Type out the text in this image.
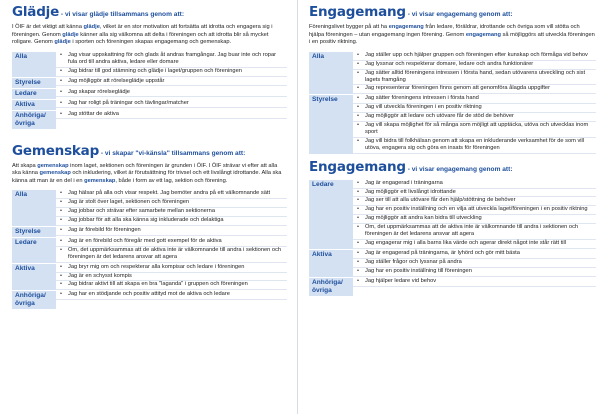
Glädje - vi visar glädje tillsammans genom att:

I ÖIF är det viktigt att känna glädje, vilket är en stor motivation att fortsätta att idrotta och engagera sig i föreningen. Genom glädje känner alla sig välkomna att delta i föreningen och att idrotta blir så mycket roligare. Genom glädje i sporten och föreningen skapas engagemang och gemenskap.

Alla	• Jag visar uppskattning för och glads åt andras framgångar. Jag buar inte och ropar fula ord till andra aktiva, ledare eller domare
• Jag bidrar till god stämning och glädje i laget/gruppen och föreningen
Styrelse	• Jag möjliggör att rörelseglädje uppstår
Ledare	• Jag skapar rörelseglädje
Aktiva	• Jag har roligt på träningar och tävlingar/matcher
Anhöriga/ övriga
• Jag stöttar de aktiva
Gemenskap - vi skapar "vi-känsla" tillsammans genom att:

Att skapa gemenskap inom laget, sektionen och föreningen är grunden i ÖIF. I ÖIF strävar vi efter att alla ska känna gemenskap och inkludering, vilket är förutsättning för trivsel och ett livslångt idrottande. Alla ska känna att man är en del i en gemenskap, både i form av ett lag, sektion och förening.

Alla	• Jag hälsar på alla och visar respekt. Jag bemöter andra på ett välkomnande sätt
• Jag är stolt över laget, sektionen och föreningen
• Jag jobbar och strävar efter samarbete mellan sektionerna
• Jag jobbar för att alla ska känna sig inkluderade och delaktiga
Styrelse	• Jag är förebild för föreningen
Ledare	• Jag är en förebild och föregår med gott exempel för de aktiva
• Om, det uppmärksammas att de aktiva inte är välkomnande till andra i sektionen och föreningen är det ledarens ansvar att agera
Aktiva	• Jag bryr mig om och respekterar alla kompisar och ledare i föreningen
• Jag är en schysst kompis
• Jag bidrar aktivt till att skapa en bra "laganda" i gruppen och föreningen
Anhöriga/ övriga
• Jag har en stödjande och positiv attityd mot de aktiva och ledare
Engagemang - vi visar engagemang genom att:

Föreningslivet bygger på att ha engagemang från ledare, föräldrar, idrottande och övriga som vill stötta och hjälpa föreningen – utan engagemang ingen förening. Genom engagemang så möjliggörs att utveckla föreningen i en positiv riktning.

Alla	• Jag ställer upp och hjälper gruppen och föreningen efter kunskap och förmåga vid behov
• Jag lyssnar och respekterar domare, ledare och andra funktionärer
• Jag sätter alltid föreningens intressen i första hand, sedan utövarens utveckling och sist lagets framgång
• Jag representerar föreningen finns genom att genomföra ålagda uppgifter
Styrelse	• Jag sätter föreningens intressen i första hand
• Jag vill utveckla föreningen i en positiv riktning
• Jag möjliggör att ledare och utövare får de stöd de behöver
• Jag vill skapa möjlighet för så många som möjligt att upptäcka, utöva och utvecklas inom sport
• Jag vill bidra till folkhälsan genom att skapa en inkluderande verksamhet för de som vill utöva, engagera sig och göra en insats för föreningen
Engagemang - vi visar engagemang genom att:
Ledare	• Jag är engagerad i träningarna
• Jag möjliggör ett livslångt idrottande
• Jag ser till att alla utövare får den hjälp/stöttning de behöver
• Jag har en positiv inställning och en vilja att utveckla laget/föreningen i en positiv riktning
• Jag möjliggör att andra kan bidra till utveckling
• Om, det uppmärksammas att de aktiva inte är välkomnande till andra i sektionen och föreningen är det ledarens ansvar att agera
• Jag engagerar mig i alla barns lika värde och agerar direkt något inte står rätt till
Aktiva	• Jag är engagerad på träningarna, är lyhörd och gör mitt bästa
• Jag ställer frågor och lyssnar på andra
• Jag har en positiv inställning till föreningen
Anhöriga/ övriga
• Jag hjälper ledare vid behov
